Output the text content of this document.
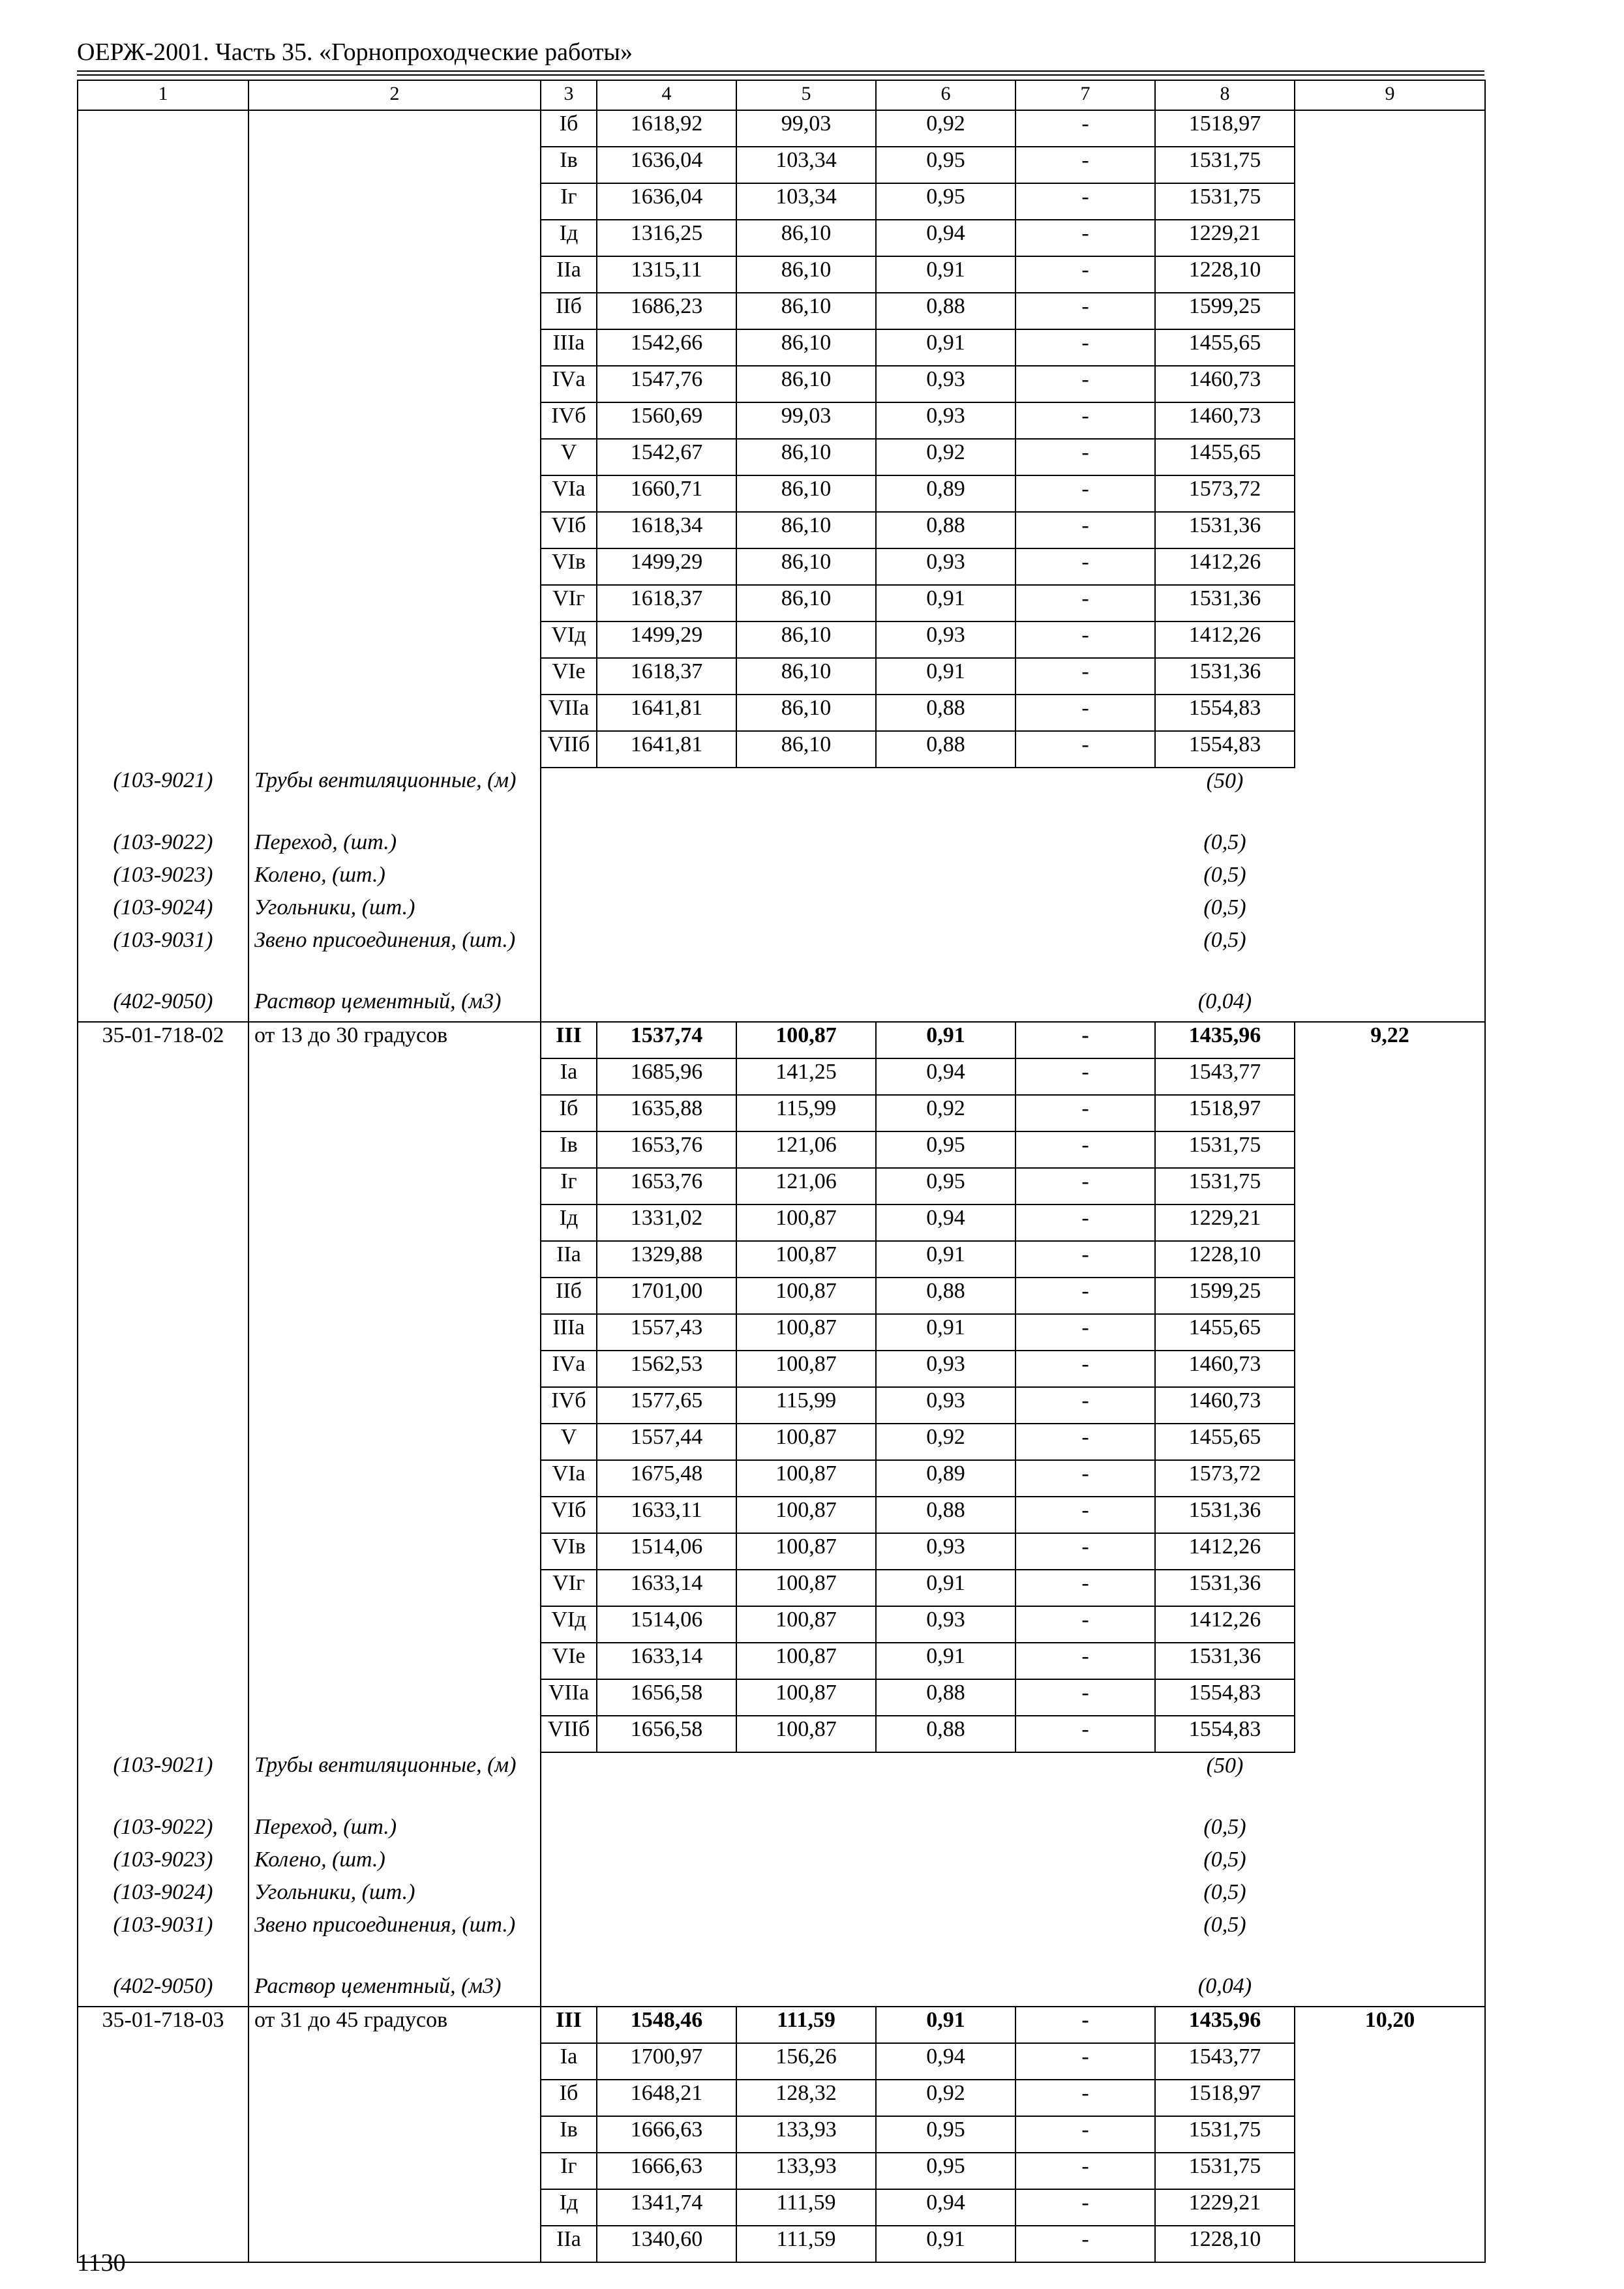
ОЕРЖ-2001. Часть 35. «Горнопроходческие работы»
1	2	3	4	5	6	7	8	9
		Iб	1618,92	99,03	0,92	-	1518,97	
		Iв	1636,04	103,34	0,95	-	1531,75	
		Iг	1636,04	103,34	0,95	-	1531,75	
		Iд	1316,25	86,10	0,94	-	1229,21	
		IIа	1315,11	86,10	0,91	-	1228,10	
		IIб	1686,23	86,10	0,88	-	1599,25	
		IIIа	1542,66	86,10	0,91	-	1455,65	
		IVа	1547,76	86,10	0,93	-	1460,73	
		IVб	1560,69	99,03	0,93	-	1460,73	
		V	1542,67	86,10	0,92	-	1455,65	
		VIа	1660,71	86,10	0,89	-	1573,72	
		VIб	1618,34	86,10	0,88	-	1531,36	
		VIв	1499,29	86,10	0,93	-	1412,26	
		VIг	1618,37	86,10	0,91	-	1531,36	
		VIд	1499,29	86,10	0,93	-	1412,26	
		VIе	1618,37	86,10	0,91	-	1531,36	
		VIIа	1641,81	86,10	0,88	-	1554,83	
		VIIб	1641,81	86,10	0,88	-	1554,83	
(103-9021)	Трубы вентиляционные, (м)						(50)	
(103-9022)	Переход, (шт.)						(0,5)	
(103-9023)	Колено, (шт.)						(0,5)	
(103-9024)	Угольники, (шт.)						(0,5)	
(103-9031)	Звено присоединения, (шт.)						(0,5)	
(402-9050)	Раствор цементный, (м3)						(0,04)	
35-01-718-02	от 13 до 30 градусов	III	1537,74	100,87	0,91	-	1435,96	9,22
		Iа	1685,96	141,25	0,94	-	1543,77	
		Iб	1635,88	115,99	0,92	-	1518,97	
		Iв	1653,76	121,06	0,95	-	1531,75	
		Iг	1653,76	121,06	0,95	-	1531,75	
		Iд	1331,02	100,87	0,94	-	1229,21	
		IIа	1329,88	100,87	0,91	-	1228,10	
		IIб	1701,00	100,87	0,88	-	1599,25	
		IIIа	1557,43	100,87	0,91	-	1455,65	
		IVа	1562,53	100,87	0,93	-	1460,73	
		IVб	1577,65	115,99	0,93	-	1460,73	
		V	1557,44	100,87	0,92	-	1455,65	
		VIа	1675,48	100,87	0,89	-	1573,72	
		VIб	1633,11	100,87	0,88	-	1531,36	
		VIв	1514,06	100,87	0,93	-	1412,26	
		VIг	1633,14	100,87	0,91	-	1531,36	
		VIд	1514,06	100,87	0,93	-	1412,26	
		VIе	1633,14	100,87	0,91	-	1531,36	
		VIIа	1656,58	100,87	0,88	-	1554,83	
		VIIб	1656,58	100,87	0,88	-	1554,83	
(103-9021)	Трубы вентиляционные, (м)						(50)	
(103-9022)	Переход, (шт.)						(0,5)	
(103-9023)	Колено, (шт.)						(0,5)	
(103-9024)	Угольники, (шт.)						(0,5)	
(103-9031)	Звено присоединения, (шт.)						(0,5)	
(402-9050)	Раствор цементный, (м3)						(0,04)	
35-01-718-03	от 31 до 45 градусов	III	1548,46	111,59	0,91	-	1435,96	10,20
		Iа	1700,97	156,26	0,94	-	1543,77	
		Iб	1648,21	128,32	0,92	-	1518,97	
		Iв	1666,63	133,93	0,95	-	1531,75	
		Iг	1666,63	133,93	0,95	-	1531,75	
		Iд	1341,74	111,59	0,94	-	1229,21	
		IIа	1340,60	111,59	0,91	-	1228,10	
1130
